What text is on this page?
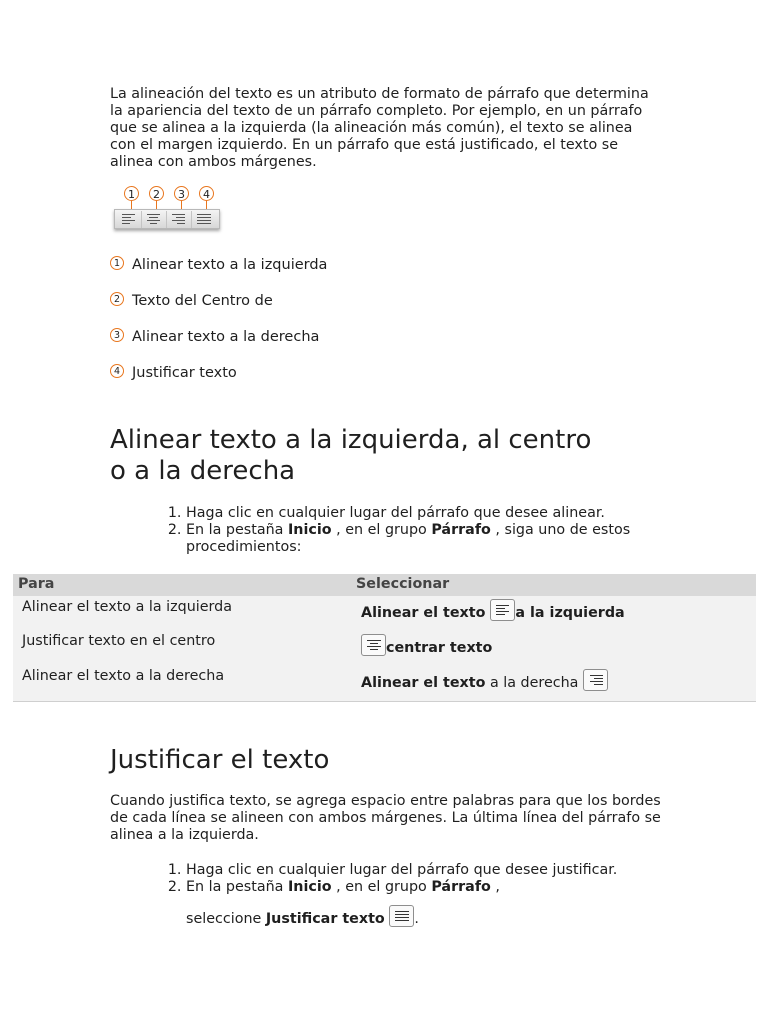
La alineación del texto es un atributo de formato de párrafo que determina la apariencia del texto de un párrafo completo. Por ejemplo, en un párrafo que se alinea a la izquierda (la alineación más común), el texto se alinea con el margen izquierdo. En un párrafo que está justificado, el texto se alinea con ambos márgenes.

1	2	3	4
1 Alinear texto a la izquierda
2 Texto del Centro de
3 Alinear texto a la derecha
4 Justificar texto
Alinear texto a la izquierda, al centro
o a la derecha
1. Haga clic en cualquier lugar del párrafo que desee alinear.
2. En la pestaña Inicio , en el grupo Párrafo , siga uno de estos procedimientos:
Para	Seleccionar
Alinear el texto a la izquierda	Alinear el texto
a la izquierda
Justificar texto en el centro	centrar texto
Alinear el texto a la derecha	Alinear el texto a la derecha
Justificar el texto

Cuando justifica texto, se agrega espacio entre palabras para que los bordes de cada línea se alineen con ambos márgenes. La última línea del párrafo se alinea a la izquierda.

1. Haga clic en cualquier lugar del párrafo que desee justificar.
2. En la pestaña Inicio , en el grupo Párrafo ,
seleccione Justificar texto .
